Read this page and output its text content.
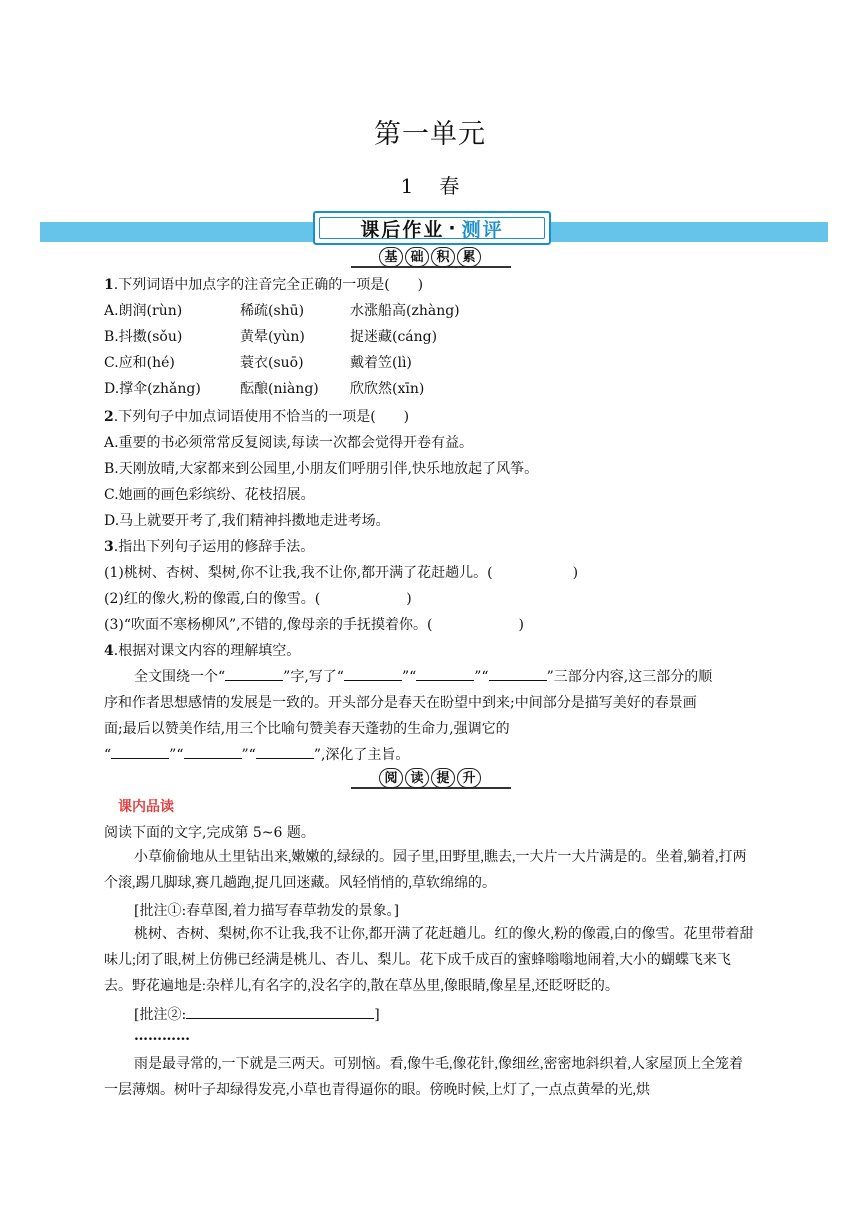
第一单元
1 春
课后作业 · 测评
基 础 积 累
1.下列词语中加点字的注音完全正确的一项是(　　)
A.朗润(rùn)	稀疏(shū)	水涨船高(zhàng)
B.抖擞(sǒu)	黄晕(yùn)	捉迷藏(cáng)
C.应和(hé)	蓑衣(suō)	戴着笠(lì)
D.撑伞(zhǎng)	酝酿(niàng) 欣欣然(xīn)
2.下列句子中加点词语使用不恰当的一项是(　　)
A.重要的书必须常常反复阅读,每读一次都会觉得开卷有益。
B.天刚放晴,大家都来到公园里,小朋友们呼朋引伴,快乐地放起了风筝。
C.她画的画色彩缤纷、花枝招展。
D.马上就要开考了,我们精神抖擞地走进考场。
3.指出下列句子运用的修辞手法。
(1)桃树、杏树、梨树,你不让我,我不让你,都开满了花赶趟儿。(	)
(2)红的像火,粉的像霞,白的像雪。(	)
(3)“吹面不寒杨柳风”,不错的,像母亲的手抚摸着你。(	)
4.根据对课文内容的理解填空。
全文围绕一个“	”字,写了“	”“	”“	”三部分内容,这三部分的顺
序和作者思想感情的发展是一致的。开头部分是春天在盼望中到来;中间部分是描写美好的春景画
面;最后以赞美作结,用三个比喻句赞美春天蓬勃的生命力,强调它的
“	”“	”“	”,深化了主旨。
阅 读 提 升
课内品读
阅读下面的文字,完成第 5~6 题。
小草偷偷地从土里钻出来,嫩嫩的,绿绿的。园子里,田野里,瞧去,一大片一大片满是的。坐着,躺着,打两个滚,踢几脚球,赛几趟跑,捉几回迷藏。风轻悄悄的,草软绵绵的。
[批注①:春草图,着力描写春草勃发的景象。]
桃树、杏树、梨树,你不让我,我不让你,都开满了花赶趟儿。红的像火,粉的像霞,白的像雪。花里带着甜味儿;闭了眼,树上仿佛已经满是桃儿、杏儿、梨儿。花下成千成百的蜜蜂嗡嗡地闹着,大小的蝴蝶飞来飞去。野花遍地是:杂样儿,有名字的,没名字的,散在草丛里,像眼睛,像星星,还眨呀眨的。
[批注②:	]
…………
雨是最寻常的,一下就是三两天。可别恼。看,像牛毛,像花针,像细丝,密密地斜织着,人家屋顶上全笼着一层薄烟。树叶子却绿得发亮,小草也青得逼你的眼。傍晚时候,上灯了,一点点黄晕的光,烘
